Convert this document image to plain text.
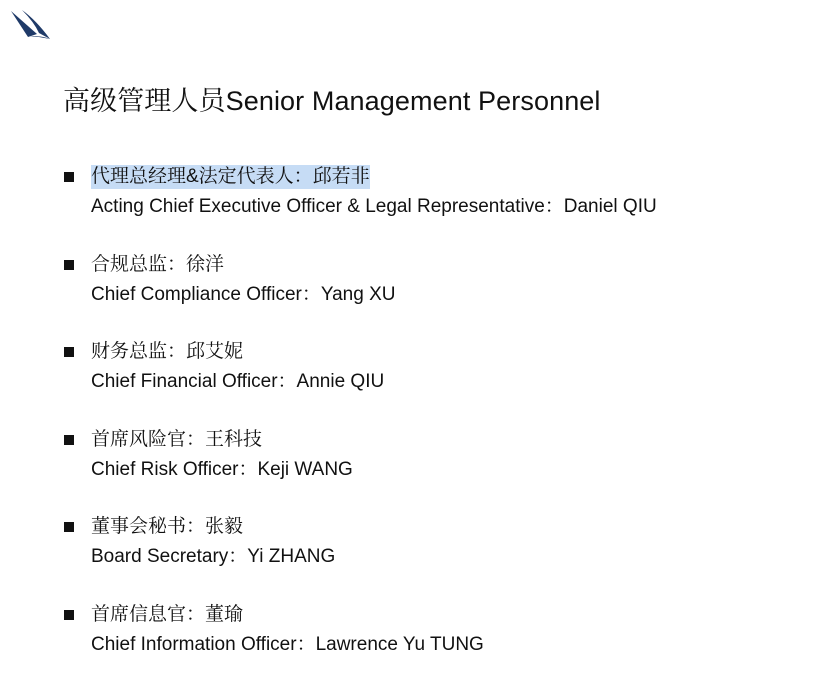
高级管理人员Senior Management Personnel
代理总经理&法定代表人：邱若非
Acting Chief Executive Officer & Legal Representative：Daniel QIU
合规总监：徐洋
Chief Compliance Officer：Yang XU
财务总监：邱艾妮
Chief Financial Officer：Annie QIU
首席风险官：王科技
Chief Risk Officer：Keji WANG
董事会秘书：张毅
Board Secretary：Yi ZHANG
首席信息官：董瑜
Chief Information Officer：Lawrence Yu TUNG
